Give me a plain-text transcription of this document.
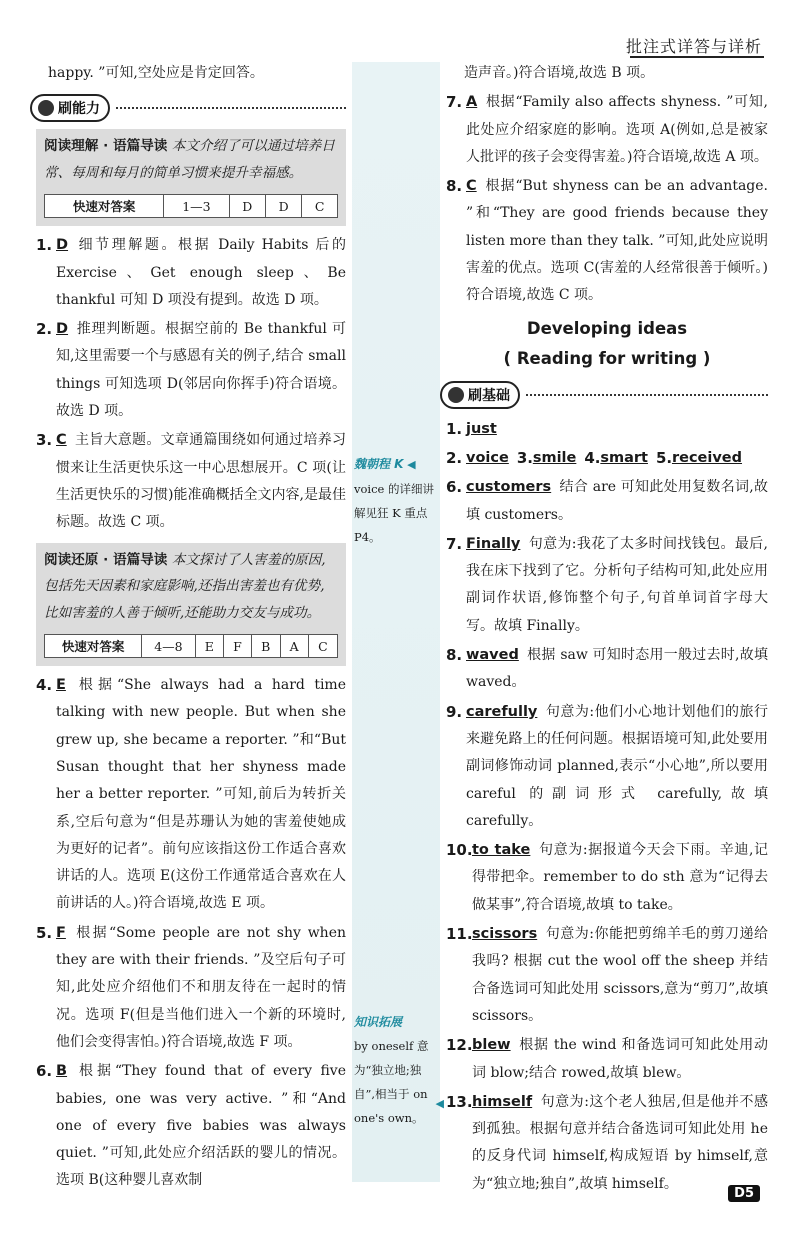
批注式详答与详析

happy. ”可知,空处应是肯定回答。

刷能力
阅读理解 · 语篇导读 本文介绍了可以通过培养日常、每周和每月的简单习惯来提升幸福感。
快速对答案	1—3	D	D	C
1. D 细节理解题。根据 Daily Habits 后的 Exercise、Get enough sleep、Be thankful 可知 D 项没有提到。故选 D 项。
2. D 推理判断题。根据空前的 Be thankful 可知,这里需要一个与感恩有关的例子,结合 small things 可知选项 D(邻居向你挥手)符合语境。故选 D 项。
3. C 主旨大意题。文章通篇围绕如何通过培养习惯来让生活更快乐这一中心思想展开。C 项(让生活更快乐的习惯)能准确概括全文内容,是最佳标题。故选 C 项。
阅读还原 · 语篇导读 本文探讨了人害羞的原因,包括先天因素和家庭影响,还指出害羞也有优势,比如害羞的人善于倾听,还能助力交友与成功。
快速对答案	4—8	E	F	B	A	C
4. E 根据“She always had a hard time talking with new people. But when she grew up, she became a reporter. ”和“But Susan thought that her shyness made her a better reporter. ”可知,前后为转折关系,空后句意为“但是苏珊认为她的害羞使她成为更好的记者”。前句应该指这份工作适合喜欢讲话的人。选项 E(这份工作通常适合喜欢在人前讲话的人。)符合语境,故选 E 项。
5. F 根据“Some people are not shy when they are with their friends. ”及空后句子可知,此处应介绍他们不和朋友待在一起时的情况。选项 F(但是当他们进入一个新的环境时,他们会变得害怕。)符合语境,故选 F 项。
6. B 根据“They found that of every five babies, one was very active. ”和“And one of every five babies was always quiet. ”可知,此处应介绍活跃的婴儿的情况。选项 B(这种婴儿喜欢制
魏朝程 K ◀
voice 的详细讲解见狂 K 重点 P4。
知识拓展
by oneself 意为“独立地;独自”,相当于 on one's own。
◀

造声音。)符合语境,故选 B 项。

7. A 根据“Family also affects shyness. ”可知,此处应介绍家庭的影响。选项 A(例如,总是被家人批评的孩子会变得害羞。)符合语境,故选 A 项。
8. C 根据“But shyness can be an advantage. ”和“They are good friends because they listen more than they talk. ”可知,此处应说明害羞的优点。选项 C(害羞的人经常很善于倾听。)符合语境,故选 C 项。
Developing ideas
( Reading for writing )
刷基础
1. just
2. voice 3. smile 4. smart 5. received
6. customers 结合 are 可知此处用复数名词,故填 customers。
7. Finally 句意为:我花了太多时间找钱包。最后,我在床下找到了它。分析句子结构可知,此处应用副词作状语,修饰整个句子,句首单词首字母大写。故填 Finally。
8. waved 根据 saw 可知时态用一般过去时,故填 waved。
9. carefully 句意为:他们小心地计划他们的旅行来避免路上的任何问题。根据语境可知,此处要用副词修饰动词 planned,表示“小心地”,所以要用 careful 的副词形式 carefully,故填 carefully。
10. to take 句意为:据报道今天会下雨。辛迪,记得带把伞。remember to do sth 意为“记得去做某事”,符合语境,故填 to take。
11. scissors 句意为:你能把剪绵羊毛的剪刀递给我吗? 根据 cut the wool off the sheep 并结合备选词可知此处用 scissors,意为“剪刀”,故填 scissors。
12. blew 根据 the wind 和备选词可知此处用动词 blow;结合 rowed,故填 blew。
13. himself 句意为:这个老人独居,但是他并不感到孤独。根据句意并结合备选词可知此处用 he 的反身代词 himself,构成短语 by himself,意为“独立地;独自”,故填 himself。
D5
